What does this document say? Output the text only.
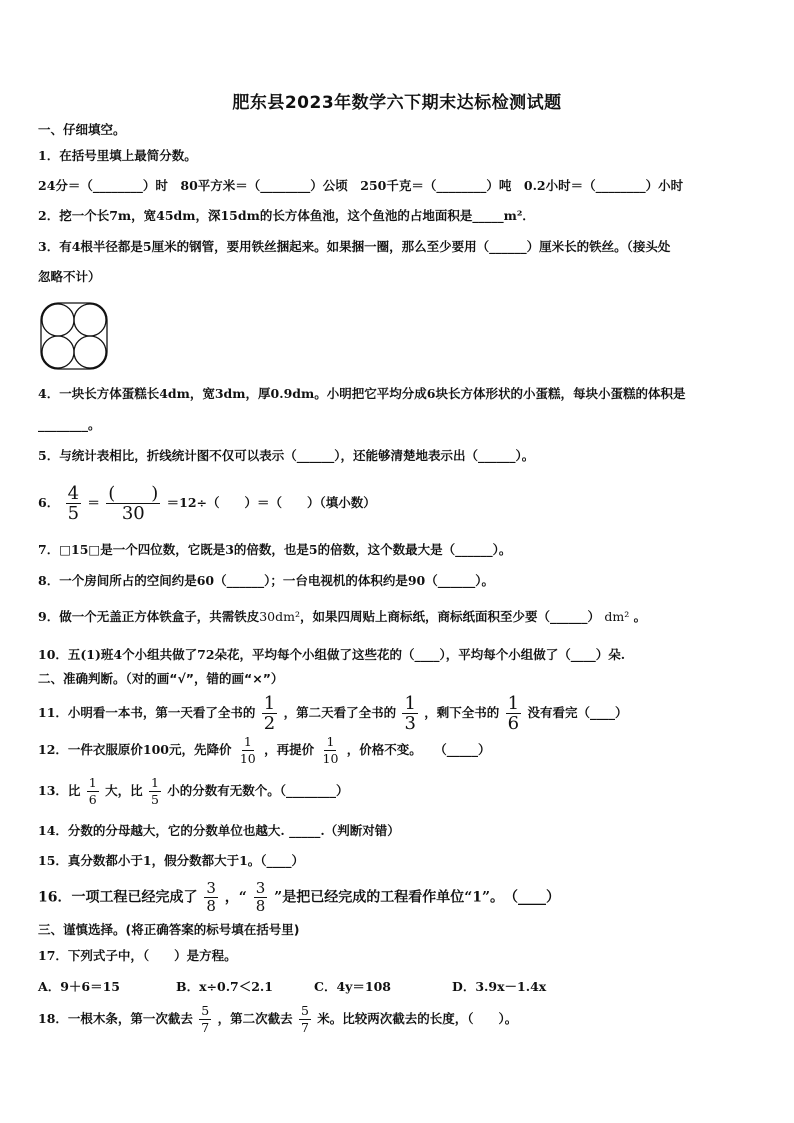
肥东县2023年数学六下期末达标检测试题
一、仔细填空。
1．在括号里填上最简分数。
24分＝（________）时　80平方米＝（________）公顷　250千克＝（________）吨　0.2小时＝（________）小时
2．挖一个长7m，宽45dm，深15dm的长方体鱼池，这个鱼池的占地面积是_____m²．
3．有4根半径都是5厘米的钢管，要用铁丝捆起来。如果捆一圈，那么至少要用（______）厘米长的铁丝。（接头处
忽略不计）
4．一块长方体蛋糕长4dm，宽3dm，厚0.9dm。小明把它平均分成6块长方体形状的小蛋糕，每块小蛋糕的体积是
________。
5．与统计表相比，折线统计图不仅可以表示（______），还能够清楚地表示出（______）。
6． $\frac{4}{5}$ ＝ (　　)
30
＝12÷（　　）＝（　　）（填小数）
7．□15□是一个四位数，它既是3的倍数，也是5的倍数，这个数最大是（______）。
8．一个房间所占的空间约是60（______）；一台电视机的体积约是90（______）。
9．做一个无盖正方体铁盒子，共需铁皮30dm²，如果四周贴上商标纸，商标纸面积至少要（______） dm² 。
10．五(1)班4个小组共做了72朵花，平均每个小组做了这些花的（____），平均每个小组做了（____）朵.
二、准确判断。（对的画“√”，错的画“×”）
11．小明看一本书，第一天看了全书的 $\frac{1}{2}$ ，第二天看了全书的 $\frac{1}{3}$ ，剩下全书的 $\frac{1}{6}$ 没有看完（____）
12．一件衣服原价100元，先降价 $\frac{1}{10}$ ，再提价 $\frac{1}{10}$ ，价格不变。　　（_____）
13．比 $\frac{1}{6}$ 大，比 $\frac{1}{5}$ 小的分数有无数个。（________）
14．分数的分母越大，它的分数单位也越大. _____.（判断对错）
15．真分数都小于1，假分数都大于1。（____）
16．一项工程已经完成了 $\frac{3}{8}$ ，“ $\frac{3}{8}$ ”是把已经完成的工程看作单位“1”。　（____）
三、谨慎选择。(将正确答案的标号填在括号里)
17．下列式子中，（　　）是方程。
A．9＋6＝15	B．x÷0.7＜2.1	C．4y＝108	D．3.9x－1.4x
18．一根木条，第一次截去 $\frac{5}{7}$ ，第二次截去 $\frac{5}{7}$ 米。比较两次截去的长度，（　　）。
